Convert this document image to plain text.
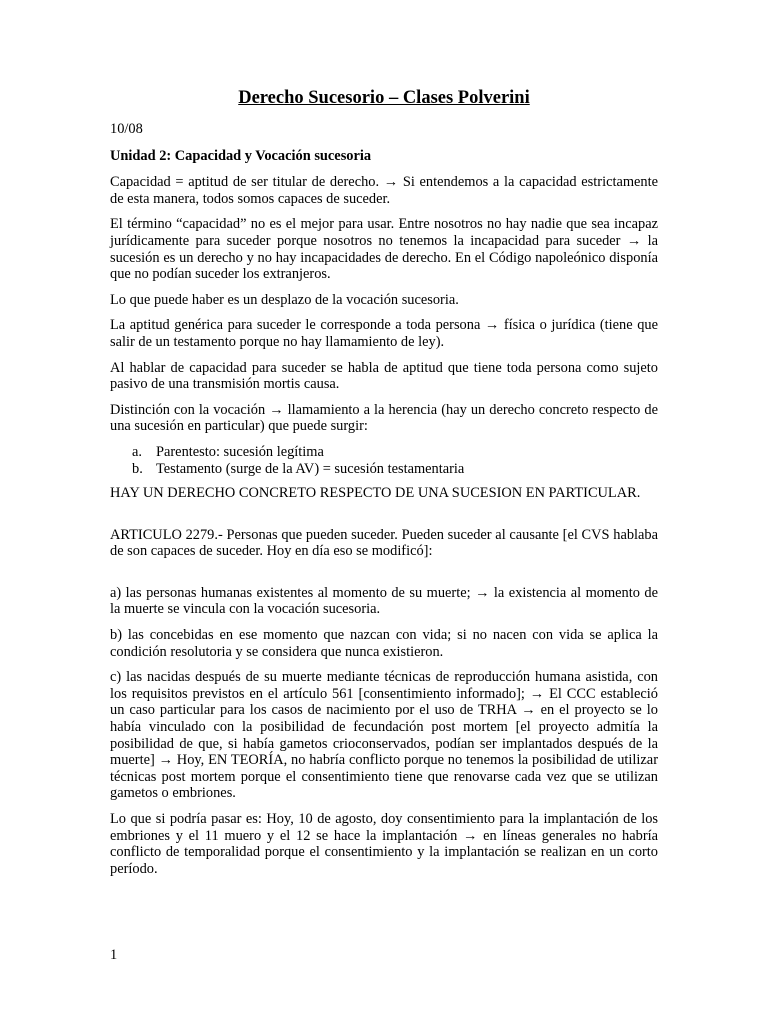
Derecho Sucesorio – Clases Polverini

10/08

Unidad 2: Capacidad y Vocación sucesoria

Capacidad = aptitud de ser titular de derecho. → Si entendemos a la capacidad estrictamente de esta manera, todos somos capaces de suceder.

El término “capacidad” no es el mejor para usar. Entre nosotros no hay nadie que sea incapaz jurídicamente para suceder porque nosotros no tenemos la incapacidad para suceder → la sucesión es un derecho y no hay incapacidades de derecho. En el Código napoleónico disponía que no podían suceder los extranjeros.

Lo que puede haber es un desplazo de la vocación sucesoria.

La aptitud genérica para suceder le corresponde a toda persona → física o jurídica (tiene que salir de un testamento porque no hay llamamiento de ley).

Al hablar de capacidad para suceder se habla de aptitud que tiene toda persona como sujeto pasivo de una transmisión mortis causa.

Distinción con la vocación → llamamiento a la herencia (hay un derecho concreto respecto de una sucesión en particular) que puede surgir:

a. Parentesto: sucesión legítima
b. Testamento (surge de la AV) = sucesión testamentaria

HAY UN DERECHO CONCRETO RESPECTO DE UNA SUCESION EN PARTICULAR.

ARTICULO 2279.- Personas que pueden suceder. Pueden suceder al causante [el CVS hablaba de son capaces de suceder. Hoy en día eso se modificó]:

a) las personas humanas existentes al momento de su muerte; → la existencia al momento de la muerte se vincula con la vocación sucesoria.

b) las concebidas en ese momento que nazcan con vida; si no nacen con vida se aplica la condición resolutoria y se considera que nunca existieron.

c) las nacidas después de su muerte mediante técnicas de reproducción humana asistida, con los requisitos previstos en el artículo 561 [consentimiento informado]; → El CCC estableció un caso particular para los casos de nacimiento por el uso de TRHA → en el proyecto se lo había vinculado con la posibilidad de fecundación post mortem [el proyecto admitía la posibilidad de que, si había gametos crioconservados, podían ser implantados después de la muerte] → Hoy, EN TEORÍA, no habría conflicto porque no tenemos la posibilidad de utilizar técnicas post mortem porque el consentimiento tiene que renovarse cada vez que se utilizan gametos o embriones.

Lo que si podría pasar es: Hoy, 10 de agosto, doy consentimiento para la implantación de los embriones y el 11 muero y el 12 se hace la implantación → en líneas generales no habría conflicto de temporalidad porque el consentimiento y la implantación se realizan en un corto período.

1
